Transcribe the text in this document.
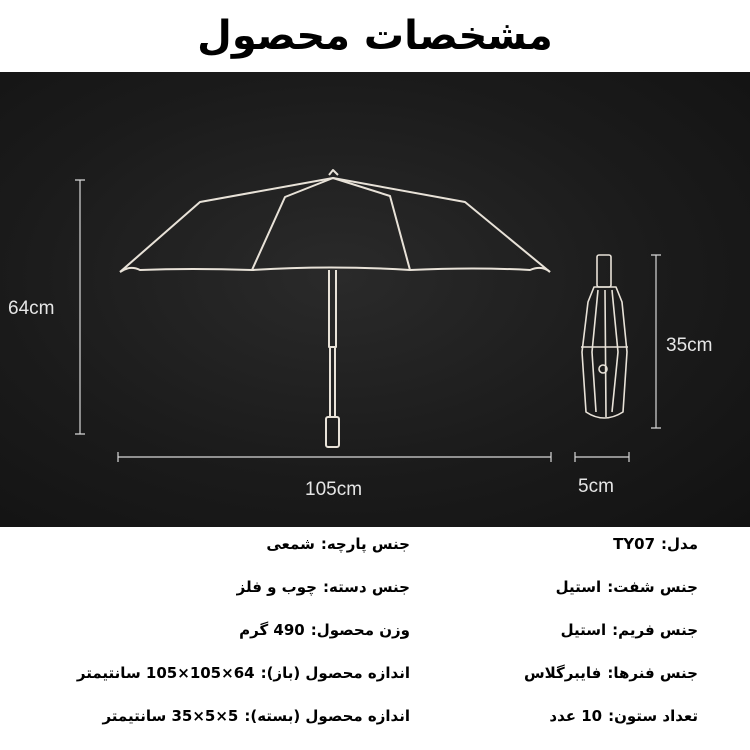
مشخصات محصول
64cm
105cm
35cm
5cm
مدل:TY07
جنس شفت:استیل
جنس فریم:استیل
جنس فنرها:فایبرگلاس
تعداد ستون:10 عدد
جنس پارچه:شمعی
جنس دسته:چوب و فلز
وزن محصول:490 گرم
اندازه محصول (باز):64×105×105 سانتیمتر
اندازه محصول (بسته):5×5×35 سانتیمتر
